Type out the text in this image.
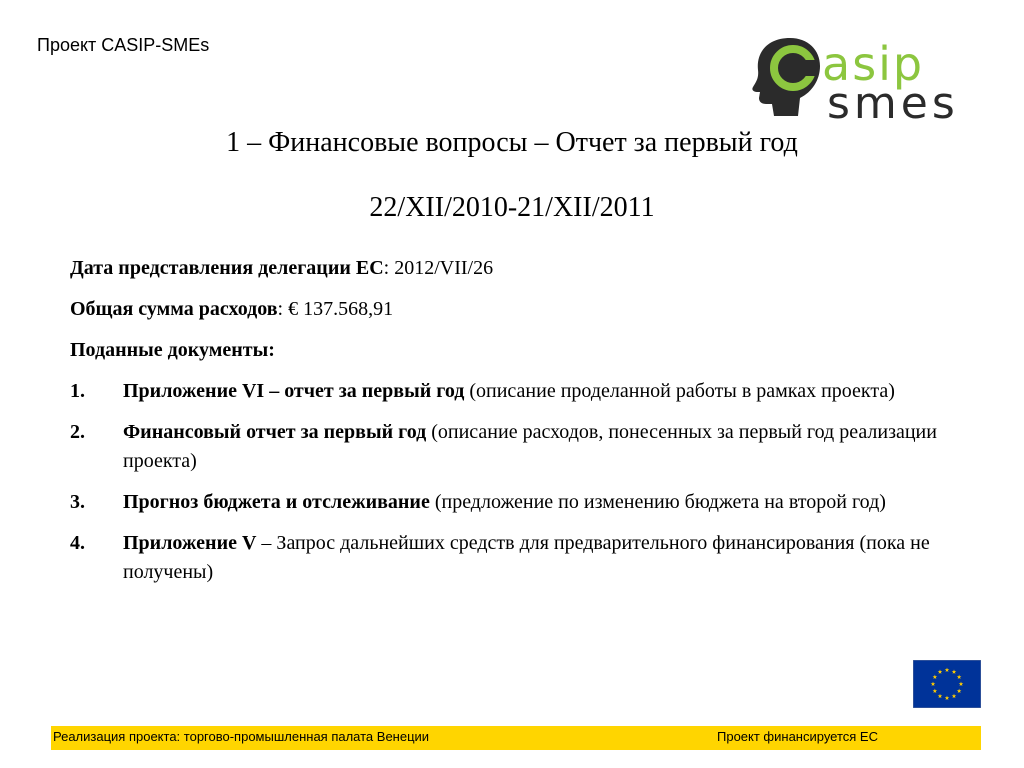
Проект CASIP-SMEs	asip
smes
1 – Финансовые вопросы – Отчет за первый год
22/XII/2010-21/XII/2011
Дата представления делегации ЕС: 2012/VII/26
Общая сумма расходов: € 137.568,91
Поданные документы:
1.	Приложение VI – отчет за первый год (описание проделанной работы в рамках проекта)
2.	Финансовый отчет за первый год (описание расходов, понесенных за первый год реализации проекта)
3.	Прогноз бюджета и отслеживание (предложение по изменению бюджета на второй год)
4.	Приложение V – Запрос дальнейших средств для предварительного финансирования (пока не получены)
Реализация проекта: торгово-промышленная палата Венеции	Проект финансируется ЕС
